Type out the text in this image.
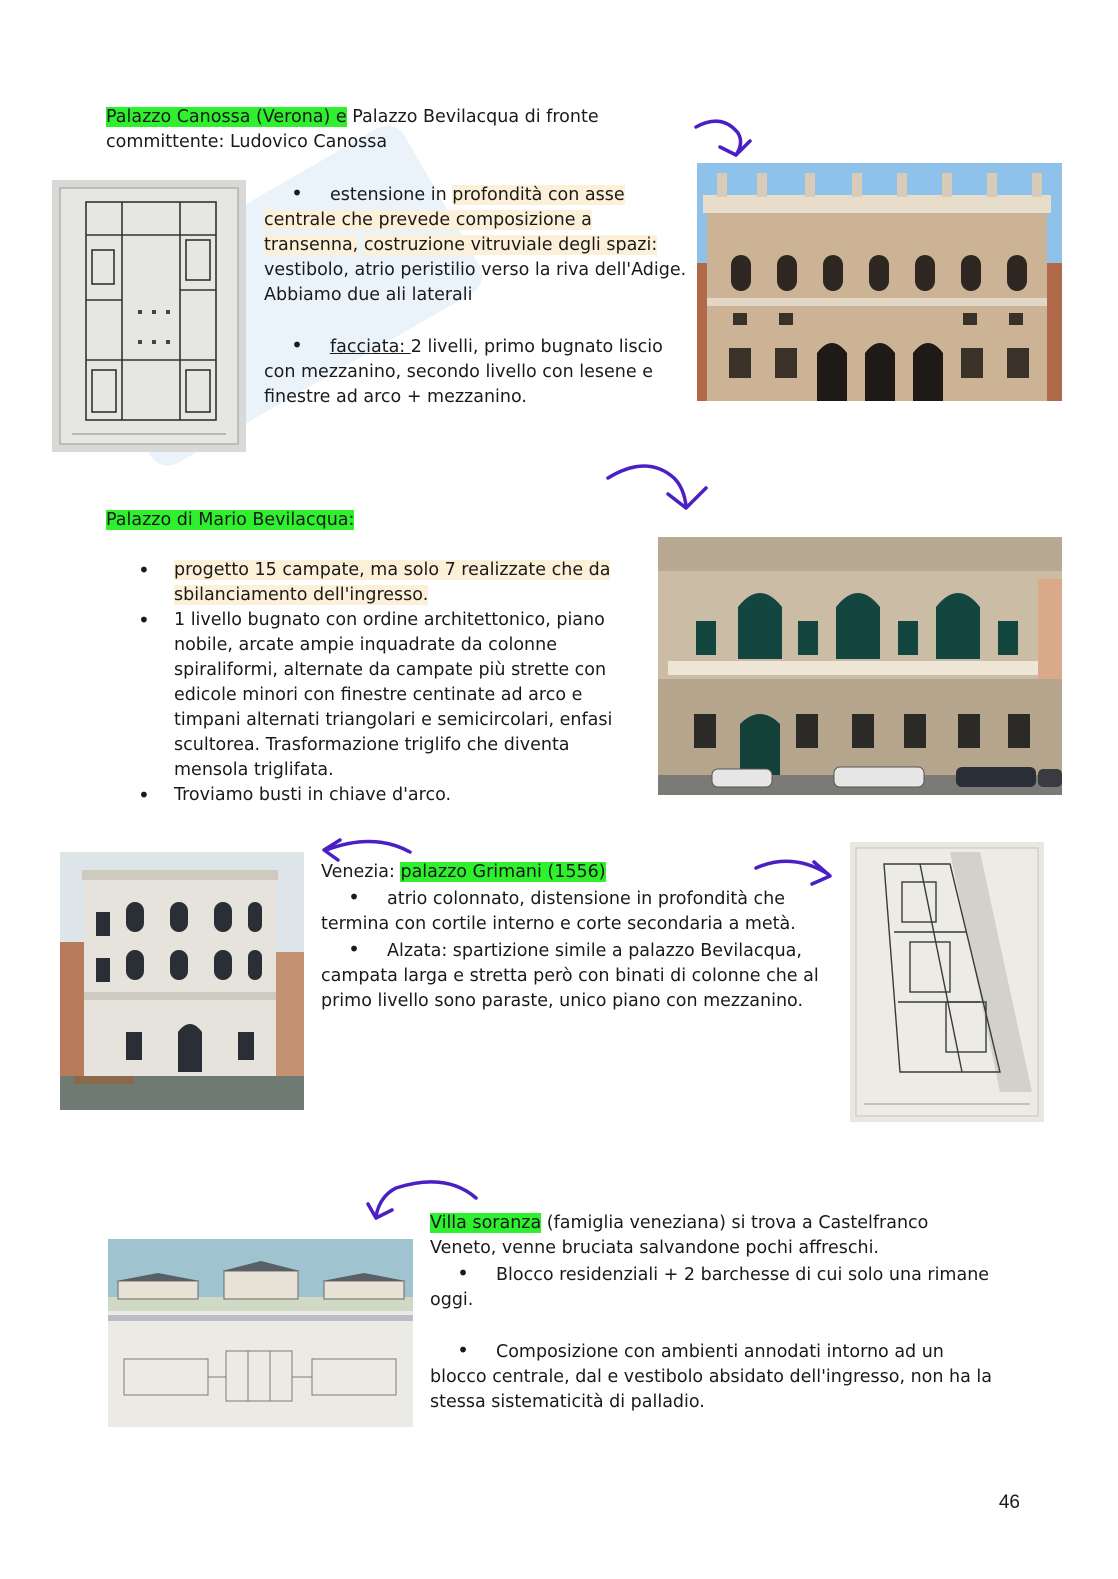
Palazzo Canossa (Verona) e Palazzo Bevilacqua di fronte

committente: Ludovico Canossa

• estensione in profondità con asse centrale che prevede composizione a transenna, costruzione vitruviale degli spazi: vestibolo, atrio peristilio verso la riva dell'Adige. Abbiamo due ali laterali

• facciata: 2 livelli, primo bugnato liscio con mezzanino, secondo livello con lesene e finestre ad arco + mezzanino.

Palazzo di Mario Bevilacqua:

• progetto 15 campate, ma solo 7 realizzate che da sbilanciamento dell'ingresso.
• 1 livello bugnato con ordine architettonico, piano nobile, arcate ampie inquadrate da colonne spiraliformi, alternate da campate più strette con edicole minori con finestre centinate ad arco e timpani alternati triangolari e semicircolari, enfasi scultorea. Trasformazione triglifo che diventa mensola triglifata.
• Troviamo busti in chiave d'arco.

Venezia: palazzo Grimani (1556)

• atrio colonnato, distensione in profondità che termina con cortile interno e corte secondaria a metà.

• Alzata: spartizione simile a palazzo Bevilacqua, campata larga e stretta però con binati di colonne che al primo livello sono paraste, unico piano con mezzanino.

Villa soranza (famiglia veneziana) si trova a Castelfranco Veneto, venne bruciata salvandone pochi affreschi.

• Blocco residenziali + 2 barchesse di cui solo una rimane oggi.

• Composizione con ambienti annodati intorno ad un blocco centrale, dal e vestibolo absidato dell'ingresso, non ha la stessa sistematicità di palladio.

46
